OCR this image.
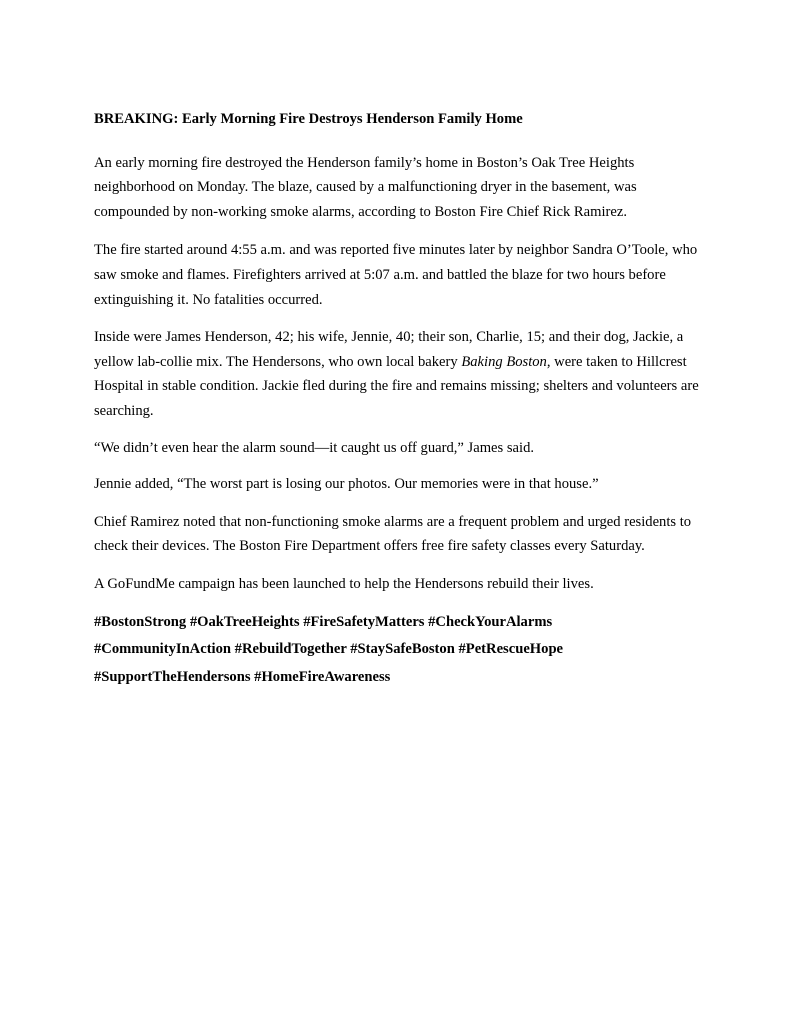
BREAKING: Early Morning Fire Destroys Henderson Family Home

An early morning fire destroyed the Henderson family’s home in Boston’s Oak Tree Heights neighborhood on Monday. The blaze, caused by a malfunctioning dryer in the basement, was compounded by non-working smoke alarms, according to Boston Fire Chief Rick Ramirez.

The fire started around 4:55 a.m. and was reported five minutes later by neighbor Sandra O’Toole, who saw smoke and flames. Firefighters arrived at 5:07 a.m. and battled the blaze for two hours before extinguishing it. No fatalities occurred.

Inside were James Henderson, 42; his wife, Jennie, 40; their son, Charlie, 15; and their dog, Jackie, a yellow lab-collie mix. The Hendersons, who own local bakery Baking Boston, were taken to Hillcrest Hospital in stable condition. Jackie fled during the fire and remains missing; shelters and volunteers are searching.

“We didn’t even hear the alarm sound—it caught us off guard,” James said.

Jennie added, “The worst part is losing our photos. Our memories were in that house.”

Chief Ramirez noted that non-functioning smoke alarms are a frequent problem and urged residents to check their devices. The Boston Fire Department offers free fire safety classes every Saturday.

A GoFundMe campaign has been launched to help the Hendersons rebuild their lives.

#BostonStrong #OakTreeHeights #FireSafetyMatters #CheckYourAlarms
#CommunityInAction #RebuildTogether #StaySafeBoston #PetRescueHope
#SupportTheHendersons #HomeFireAwareness
